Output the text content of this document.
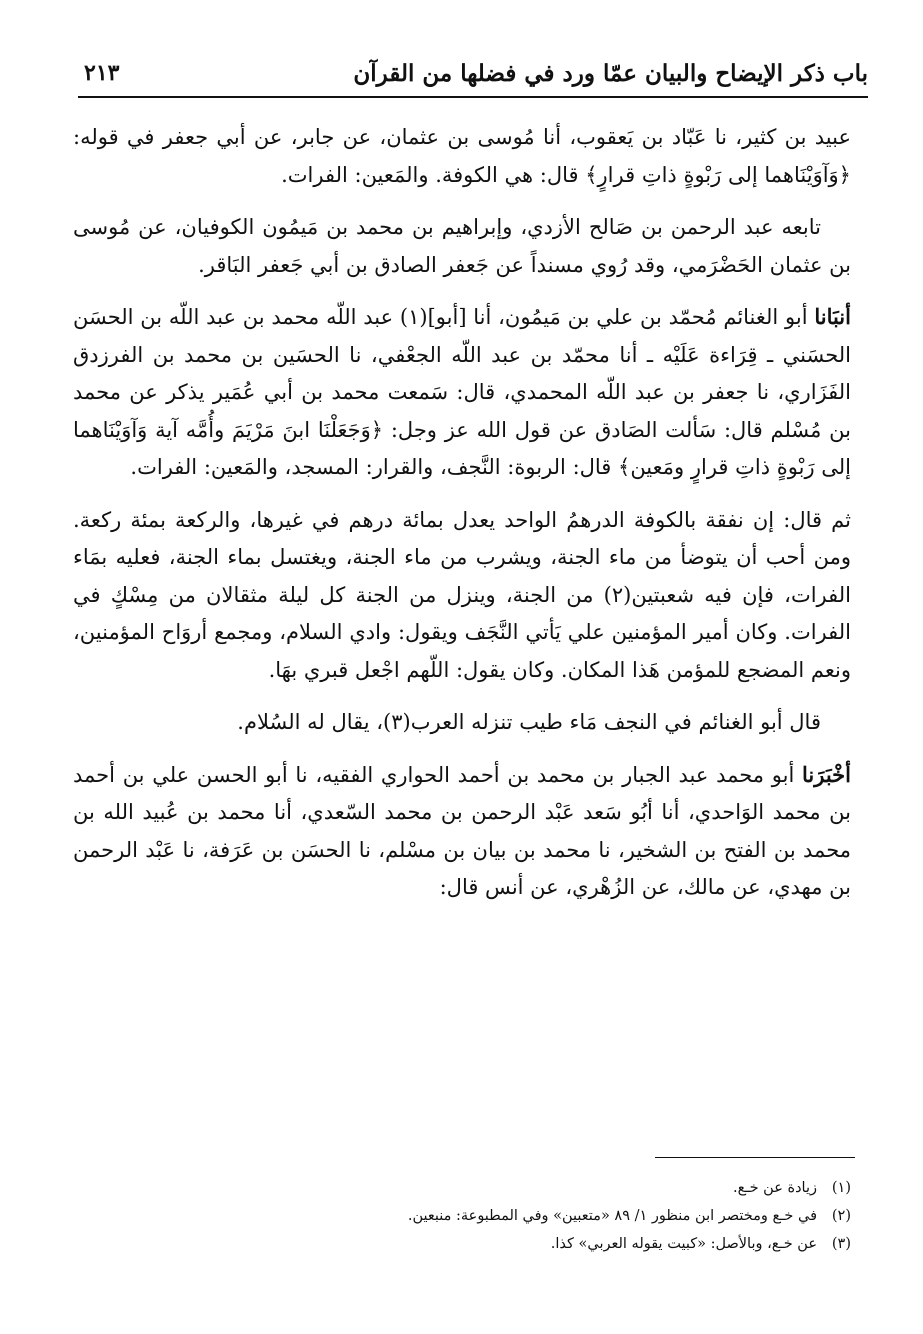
باب ذكر الإيضاح والبيان عمّا ورد في فضلها من القرآن
٢١٣

عبيد بن كثير، نا عَبّاد بن يَعقوب، أنا مُوسى بن عثمان، عن جابر، عن أبي جعفر في قوله: ﴿وَآوَيْنَاهما إلى رَبْوةٍ ذاتِ قرارٍ﴾ قال: هي الكوفة. والمَعين: الفرات.

تابعه عبد الرحمن بن صَالح الأزدي، وإبراهيم بن محمد بن مَيمُون الكوفيان، عن مُوسى بن عثمان الحَضْرَمي، وقد رُوي مسنداً عن جَعفر الصادق بن أبي جَعفر البَاقر.

أنبَانا أبو الغنائم مُحمّد بن علي بن مَيمُون، أنا [أبو](١) عبد اللّه محمد بن عبد اللّه بن الحسَن الحسَني ـ قِرَاءة عَلَيْه ـ أنا محمّد بن عبد اللّه الجعْفي، نا الحسَين بن محمد بن الفرزدق الفَزَاري، نا جعفر بن عبد اللّه المحمدي، قال: سَمعت محمد بن أبي عُمَير يذكر عن محمد بن مُسْلم قال: سَألت الصَادق عن قول الله عز وجل: ﴿وَجَعَلْنَا ابنَ مَرْيَمَ وأُمَّه آية وَآوَيْنَاهما إلى رَبْوةٍ ذاتِ قرارٍ ومَعين﴾ قال: الربوة: النَّجف، والقرار: المسجد، والمَعين: الفرات.

ثم قال: إن نفقة بالكوفة الدرهمُ الواحد يعدل بمائة درهم في غيرها، والركعة بمئة ركعة. ومن أحب أن يتوضأ من ماء الجنة، ويشرب من ماء الجنة، ويغتسل بماء الجنة، فعليه بمَاء الفرات، فإن فيه شعبتين(٢) من الجنة، وينزل من الجنة كل ليلة مثقالان من مِسْكٍ في الفرات. وكان أمير المؤمنين علي يَأتي النَّجَف ويقول: وادي السلام، ومجمع أروَاح المؤمنين، ونعم المضجع للمؤمن هَذا المكان. وكان يقول: اللّهم اجْعل قبري بهَا.

قال أبو الغنائم في النجف مَاء طيب تنزله العرب(٣)، يقال له السُلام.

أخْبَرَنا أبو محمد عبد الجبار بن محمد بن أحمد الحواري الفقيه، نا أبو الحسن علي بن أحمد بن محمد الوَاحدي، أنا أبُو سَعد عَبْد الرحمن بن محمد السّعدي، أنا محمد بن عُبيد الله بن محمد بن الفتح بن الشخير، نا محمد بن بيان بن مسْلم، نا الحسَن بن عَرَفة، نا عَبْد الرحمن بن مهدي، عن مالك، عن الزُهْري، عن أنس قال:

(١)زيادة عن خـع.

(٢)في خـع ومختصر ابن منظور ١/ ٨٩ «متعبين» وفي المطبوعة: منبعين.

(٣)عن خـع، وبالأصل: «كبيت يقوله العربي» كذا.
